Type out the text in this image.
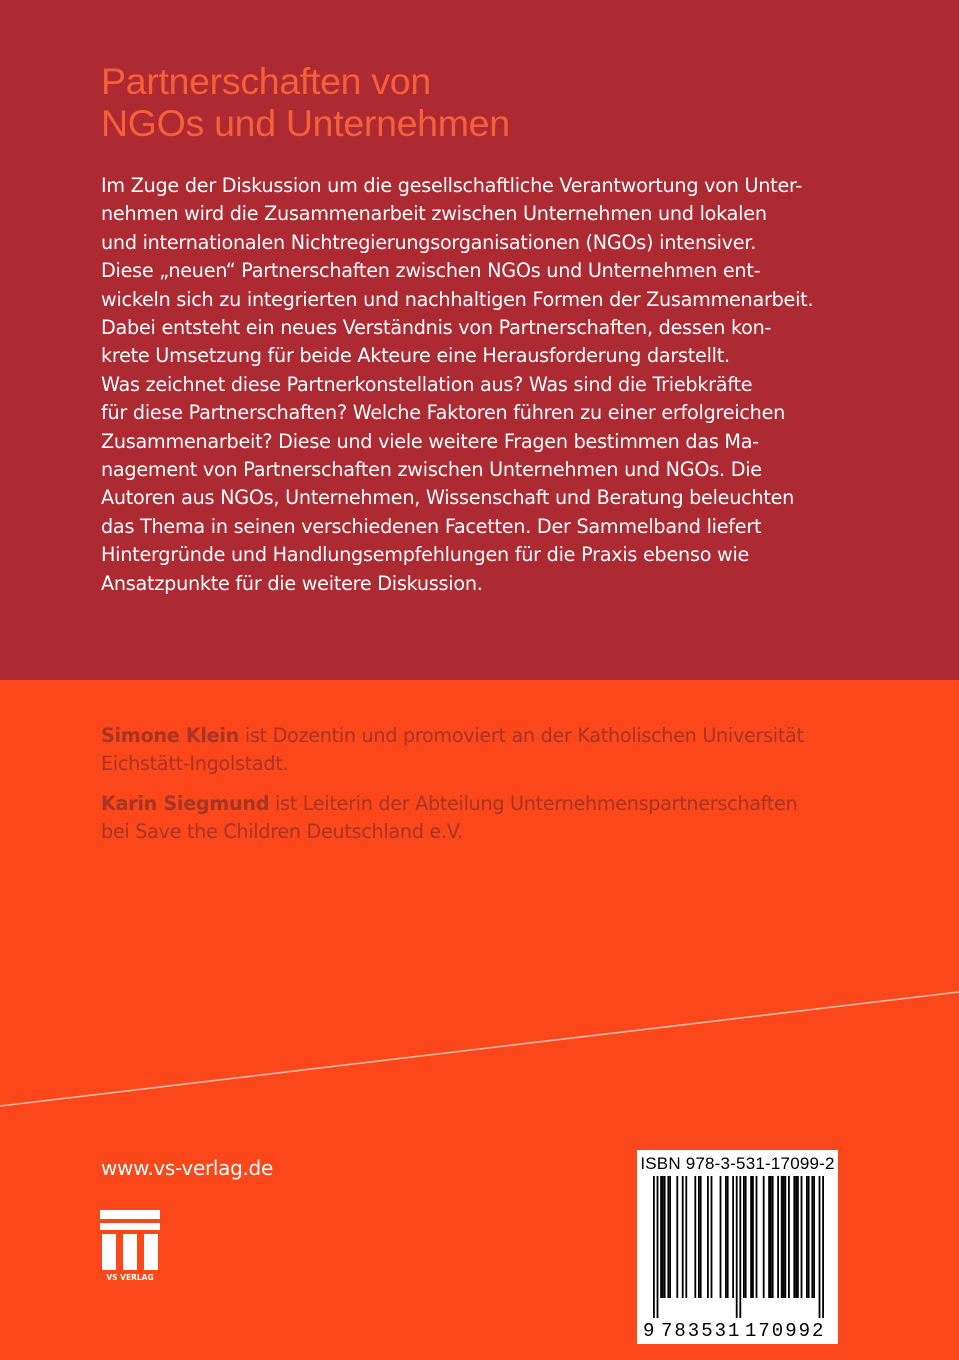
Partnerschaften von
NGOs und Unternehmen
Im Zuge der Diskussion um die gesellschaftliche Verantwortung von Unter-
nehmen wird die Zusammenarbeit zwischen Unternehmen und lokalen
und internationalen Nichtregierungsorganisationen (NGOs) intensiver.
Diese „neuen“ Partnerschaften zwischen NGOs und Unternehmen ent-
wickeln sich zu integrierten und nachhaltigen Formen der Zusammenarbeit.
Dabei entsteht ein neues Verständnis von Partnerschaften, dessen kon-
krete Umsetzung für beide Akteure eine Herausforderung darstellt.
Was zeichnet diese Partnerkonstellation aus? Was sind die Triebkräfte
für diese Partnerschaften? Welche Faktoren führen zu einer erfolgreichen
Zusammenarbeit? Diese und viele weitere Fragen bestimmen das Ma-
nagement von Partnerschaften zwischen Unternehmen und NGOs. Die
Autoren aus NGOs, Unternehmen, Wissenschaft und Beratung beleuchten
das Thema in seinen verschiedenen Facetten. Der Sammelband liefert
Hintergründe und Handlungsempfehlungen für die Praxis ebenso wie
Ansatzpunkte für die weitere Diskussion.
Simone Klein ist Dozentin und promoviert an der Katholischen Universität
Eichstätt-Ingolstadt.
Karin Siegmund ist Leiterin der Abteilung Unternehmenspartnerschaften
bei Save the Children Deutschland e.V.
www.vs-verlag.de
VS VERLAG
ISBN 978-3-531-17099-2
9 783531 170992
